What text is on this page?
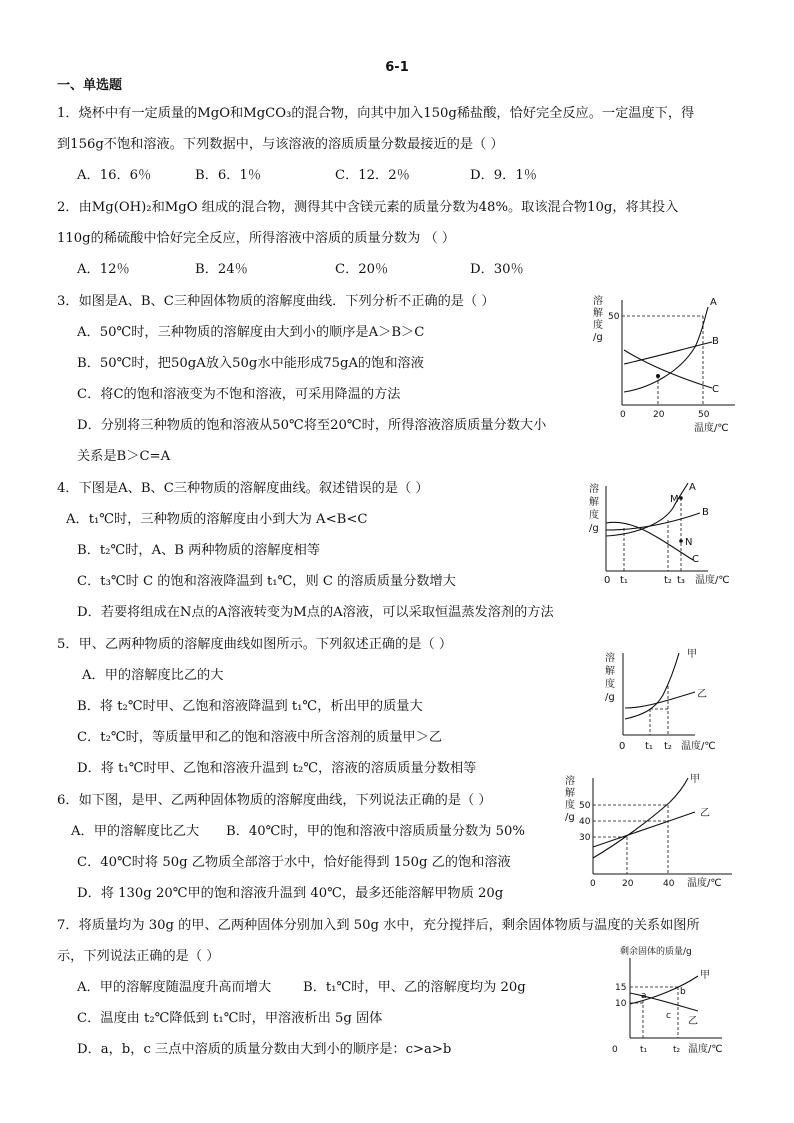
6-1
一、单选题
1．烧杯中有一定质量的MgO和MgCO₃的混合物，向其中加入150g稀盐酸，恰好完全反应。一定温度下，得
到156g不饱和溶液。下列数据中，与该溶液的溶质质量分数最接近的是（ ）
A．16．6％	B．6．1％	C．12．2％	D．9．1％
2．由Mg(OH)₂和MgO 组成的混合物，测得其中含镁元素的质量分数为48%。取该混合物10g，将其投入
110g的稀硫酸中恰好完全反应，所得溶液中溶质的质量分数为 （ ）
A．12％	B．24％	C．20％	D．30％
3．如图是A、B、C三种固体物质的溶解度曲线．下列分析不正确的是（ ）
A．50℃时，三种物质的溶解度由大到小的顺序是A＞B＞C
B．50℃时，把50gA放入50g水中能形成75gA的饱和溶液
C．将C的饱和溶液变为不饱和溶液，可采用降温的方法
D．分别将三种物质的饱和溶液从50℃将至20℃时，所得溶液溶质质量分数大小
关系是B＞C=A
溶
解
度
/g
50
0	20	50
A
B
C
温度/℃
4．下图是A、B、C三种物质的溶解度曲线。叙述错误的是（ ）
A．t₁℃时，三种物质的溶解度由小到大为 A<B<C
B．t₂℃时，A、B 两种物质的溶解度相等
C．t₃℃时 C 的饱和溶液降温到 t₁℃，则 C 的溶质质量分数增大
D．若要将组成在N点的A溶液转变为M点的A溶液，可以采取恒温蒸发溶剂的方法
溶
解
度
/g
M
N
A
B
C
0 t₁	t₂ t₃ 温度/℃
5．甲、乙两种物质的溶解度曲线如图所示。下列叙述正确的是（ ）
A．甲的溶解度比乙的大
B．将 t₂℃时甲、乙饱和溶液降温到 t₁℃，析出甲的质量大
C．t₂℃时，等质量甲和乙的饱和溶液中所含溶剂的质量甲＞乙
D．将 t₁℃时甲、乙饱和溶液升温到 t₂℃，溶液的溶质质量分数相等
溶
解
度
/g
甲
乙
0 t₁ t₂ 温度/℃
6．如下图，是甲、乙两种固体物质的溶解度曲线，下列说法正确的是（ ）
A．甲的溶解度比乙大 B．40℃时，甲的饱和溶液中溶质质量分数为 50%
C．40℃时将 50g 乙物质全部溶于水中，恰好能得到 150g 乙的饱和溶液
D．将 130g 20℃甲的饱和溶液升温到 40℃，最多还能溶解甲物质 20g
溶
解
度
/g
50
40
30
甲
乙
0	20	40 温度/℃
7．将质量均为 30g 的甲、乙两种固体分别加入到 50g 水中，充分搅拌后，剩余固体物质与温度的关系如图所
示，下列说法正确的是（ ）
A．甲的溶解度随温度升高而增大 B．t₁℃时，甲、乙的溶解度均为 20g
C．温度由 t₂℃降低到 t₁℃时，甲溶液析出 5g 固体
D．a，b，c 三点中溶质的质量分数由大到小的顺序是：c>a>b
剩余固体的质量/g
15
10
a	b
c
甲
乙
0 t₁	t₂ 温度/℃
